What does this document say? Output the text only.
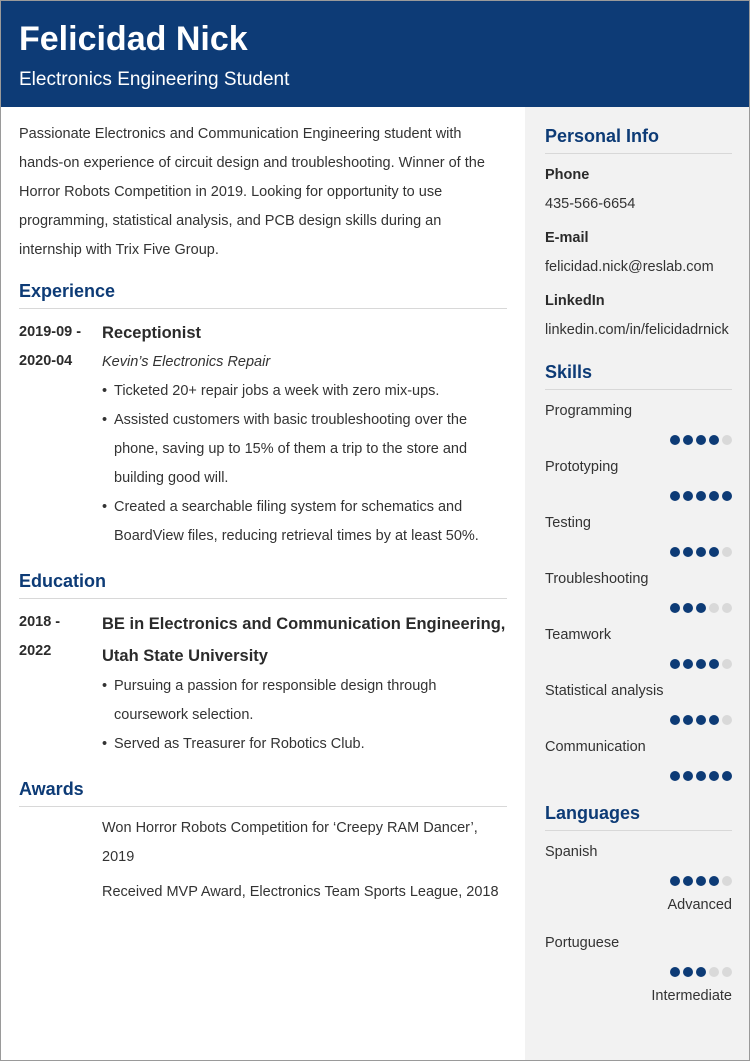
Felicidad Nick
Electronics Engineering Student
Passionate Electronics and Communication Engineering student with hands-on experience of circuit design and troubleshooting. Winner of the Horror Robots Competition in 2019. Looking for opportunity to use programming, statistical analysis, and PCB design skills during an internship with Trix Five Group.
Experience
2019-09 -
2020-04
Receptionist
Kevin’s Electronics Repair
• Ticketed 20+ repair jobs a week with zero mix-ups.
• Assisted customers with basic troubleshooting over the phone, saving up to 15% of them a trip to the store and building good will.
• Created a searchable filing system for schematics and BoardView files, reducing retrieval times by at least 50%.
Education
2018 -
2022
BE in Electronics and Communication Engineering, Utah State University
• Pursuing a passion for responsible design through coursework selection.
• Served as Treasurer for Robotics Club.
Awards
Won Horror Robots Competition for ‘Creepy RAM Dancer’, 2019
Received MVP Award, Electronics Team Sports League, 2018
Personal Info
Phone
435-566-6654
E-mail
felicidad.nick@reslab.com
LinkedIn
linkedin.com/in/felicidadrnick
Skills
Programming
Prototyping
Testing
Troubleshooting
Teamwork
Statistical analysis
Communication
Languages
Spanish
Advanced
Portuguese
Intermediate
